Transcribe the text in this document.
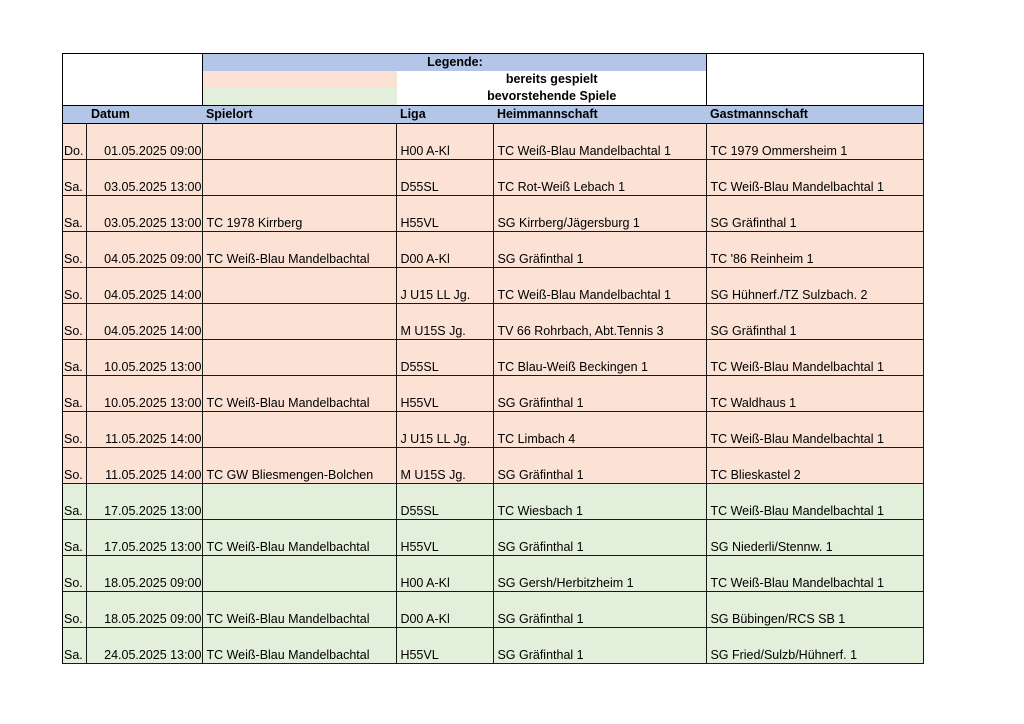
		Legende:			
			bereits gespielt		
			bevorstehende Spiele		
Datum		Spielort	Liga	Heimmannschaft	Gastmannschaft
Do.	01.05.2025 09:00		H00 A-Kl	TC Weiß-Blau Mandelbachtal 1	TC 1979 Ommersheim 1
Sa.	03.05.2025 13:00		D55SL	TC Rot-Weiß Lebach 1	TC Weiß-Blau Mandelbachtal 1
Sa.	03.05.2025 13:00	TC 1978 Kirrberg	H55VL	SG Kirrberg/Jägersburg 1	SG Gräfinthal 1
So.	04.05.2025 09:00	TC Weiß-Blau Mandelbachtal	D00 A-Kl	SG Gräfinthal 1	TC '86 Reinheim 1
So.	04.05.2025 14:00		J U15 LL Jg.	TC Weiß-Blau Mandelbachtal 1	SG Hühnerf./TZ Sulzbach. 2
So.	04.05.2025 14:00		M U15S Jg.	TV 66 Rohrbach, Abt.Tennis 3	SG Gräfinthal 1
Sa.	10.05.2025 13:00		D55SL	TC Blau-Weiß Beckingen 1	TC Weiß-Blau Mandelbachtal 1
Sa.	10.05.2025 13:00	TC Weiß-Blau Mandelbachtal	H55VL	SG Gräfinthal 1	TC Waldhaus 1
So.	11.05.2025 14:00		J U15 LL Jg.	TC Limbach 4	TC Weiß-Blau Mandelbachtal 1
So.	11.05.2025 14:00	TC GW Bliesmengen-Bolchen	M U15S Jg.	SG Gräfinthal 1	TC Blieskastel 2
Sa.	17.05.2025 13:00		D55SL	TC Wiesbach 1	TC Weiß-Blau Mandelbachtal 1
Sa.	17.05.2025 13:00	TC Weiß-Blau Mandelbachtal	H55VL	SG Gräfinthal 1	SG Niederli/Stennw. 1
So.	18.05.2025 09:00		H00 A-Kl	SG Gersh/Herbitzheim 1	TC Weiß-Blau Mandelbachtal 1
So.	18.05.2025 09:00	TC Weiß-Blau Mandelbachtal	D00 A-Kl	SG Gräfinthal 1	SG Bübingen/RCS SB 1
Sa.	24.05.2025 13:00	TC Weiß-Blau Mandelbachtal	H55VL	SG Gräfinthal 1	SG Fried/Sulzb/Hühnerf. 1
